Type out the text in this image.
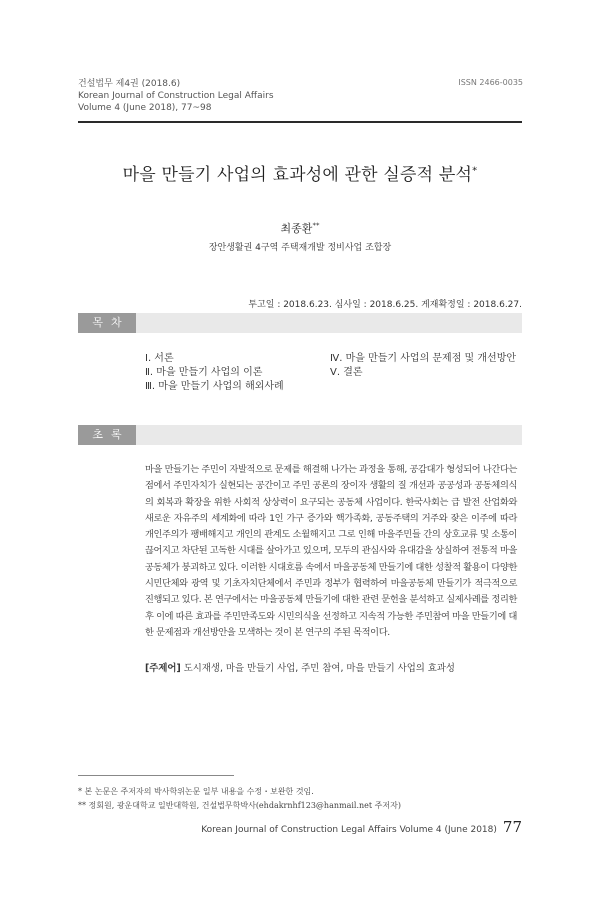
건설법무 제4권 (2018.6)
Korean Journal of Construction Legal Affairs
Volume 4 (June 2018), 77~98
ISSN 2466-0035
마을 만들기 사업의 효과성에 관한 실증적 분석*
최종환**
장안생활권 4구역 주택재개발 정비사업 조합장
투고일 : 2018.6.23. 심사일 : 2018.6.25. 게재확정일 : 2018.6.27.
목차
Ⅰ. 서론
Ⅱ. 마을 만들기 사업의 이론
Ⅲ. 마을 만들기 사업의 해외사례
Ⅳ. 마을 만들기 사업의 문제점 및 개선방안
Ⅴ. 결론
초록
마을 만들기는 주민이 자발적으로 문제를 해결해 나가는 과정을 통해, 공감대가 형성되어 나간다는 점에서 주민자치가 실현되는 공간이고 주민 공론의 장이자 생활의 질 개선과 공공성과 공동체의식의 회복과 확장을 위한 사회적 상상력이 요구되는 공동체 사업이다. 한국사회는 급 발전 산업화와 새로운 자유주의 세계화에 따라 1인 가구 증가와 핵가족화, 공동주택의 거주와 잦은 이주에 따라 개인주의가 팽배해지고 개인의 관계도 소월해지고 그로 인해 마을주민들 간의 상호교류 및 소통이 끊어지고 차단된 고독한 시대를 살아가고 있으며, 모두의 관심사와 유대감을 상실하여 전통적 마을공동체가 붕괴하고 있다. 이러한 시대흐름 속에서 마을공동체 만들기에 대한 성찰적 활용이 다양한 시민단체와 광역 및 기초자치단체에서 주민과 정부가 협력하여 마을공동체 만들기가 적극적으로 진행되고 있다. 본 연구에서는 마을공동체 만들기에 대한 관련 문헌을 분석하고 실제사례를 정리한 후 이에 따른 효과를 주민만족도와 시민의식을 선정하고 지속적 가능한 주민참여 마을 만들기에 대한 문제점과 개선방안을 모색하는 것이 본 연구의 주된 목적이다.
[주제어] 도시재생, 마을 만들기 사업, 주민 참여, 마을 만들기 사업의 효과성
* 본 논문은 주저자의 박사학위논문 일부 내용을 수정・보완한 것임.
** 정회원, 광운대학교 일반대학원, 건설법무학박사(ehdakrnhf123@hanmail.net 주저자)
Korean Journal of Construction Legal Affairs Volume 4 (June 2018) 77
